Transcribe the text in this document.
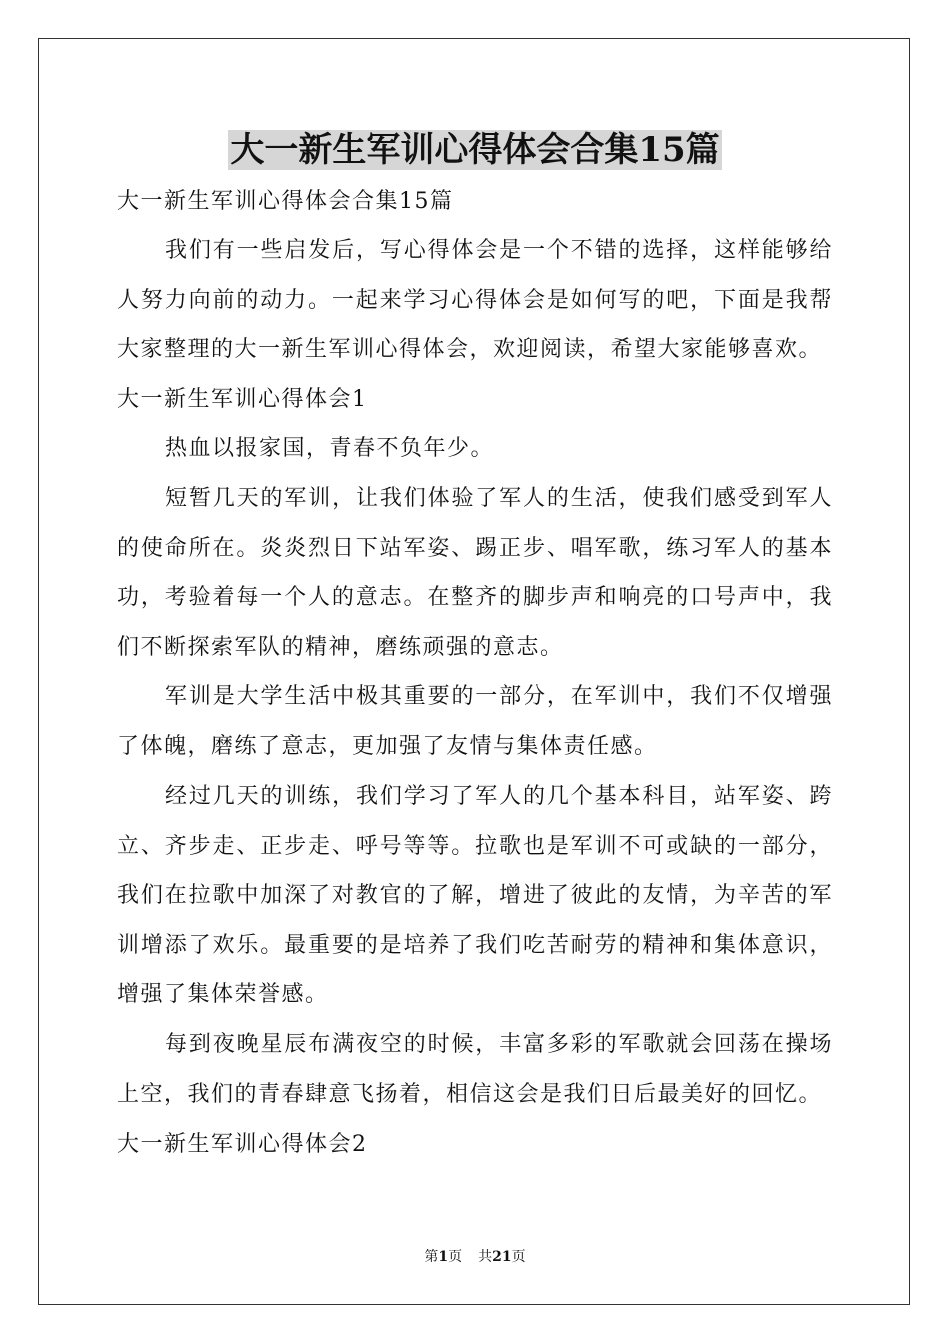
大一新生军训心得体会合集15篇

大一新生军训心得体会合集15篇

我们有一些启发后，写心得体会是一个不错的选择，这样能够给人努力向前的动力。一起来学习心得体会是如何写的吧，下面是我帮大家整理的大一新生军训心得体会，欢迎阅读，希望大家能够喜欢。

大一新生军训心得体会1

热血以报家国，青春不负年少。

短暂几天的军训，让我们体验了军人的生活，使我们感受到军人的使命所在。炎炎烈日下站军姿、踢正步、唱军歌，练习军人的基本功，考验着每一个人的意志。在整齐的脚步声和响亮的口号声中，我们不断探索军队的精神，磨练顽强的意志。

军训是大学生活中极其重要的一部分，在军训中，我们不仅增强了体魄，磨练了意志，更加强了友情与集体责任感。

经过几天的训练，我们学习了军人的几个基本科目，站军姿、跨立、齐步走、正步走、呼号等等。拉歌也是军训不可或缺的一部分，我们在拉歌中加深了对教官的了解，增进了彼此的友情，为辛苦的军训增添了欢乐。最重要的是培养了我们吃苦耐劳的精神和集体意识，增强了集体荣誉感。

每到夜晚星辰布满夜空的时候，丰富多彩的军歌就会回荡在操场上空，我们的青春肆意飞扬着，相信这会是我们日后最美好的回忆。

大一新生军训心得体会2

第1页 共21页
